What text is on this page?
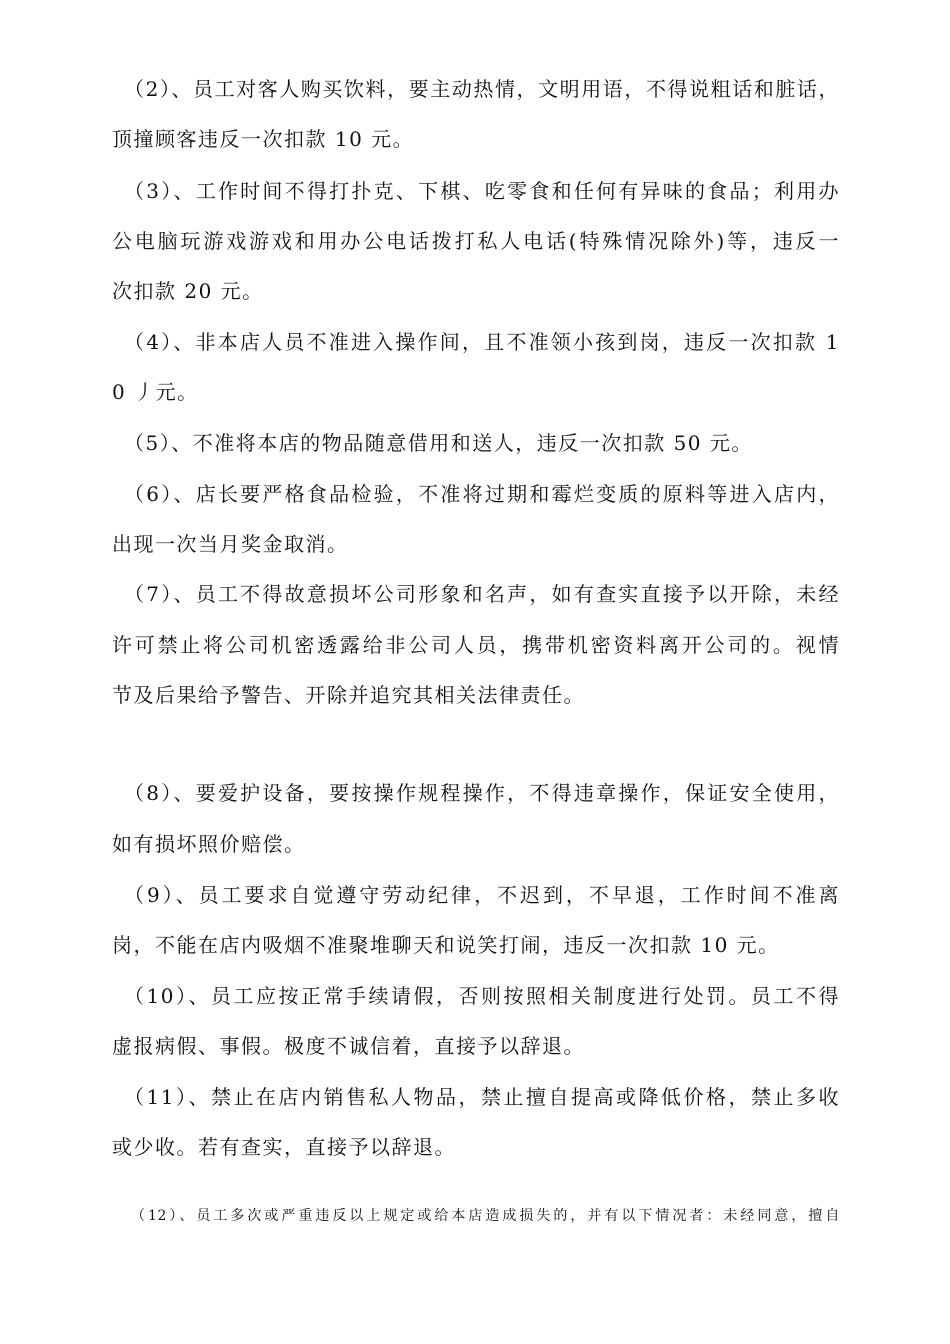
（2）、员工对客人购买饮料，要主动热情，文明用语，不得说粗话和脏话，
顶撞顾客违反一次扣款 10 元。
（3）、工作时间不得打扑克、下棋、吃零食和任何有异味的食品；利用办
公电脑玩游戏游戏和用办公电话拨打私人电话(特殊情况除外)等，违反一
次扣款 20 元。
（4）、非本店人员不准进入操作间，且不准领小孩到岗，违反一次扣款 1
0 丿元。
（5）、不准将本店的物品随意借用和送人，违反一次扣款 50 元。
（6）、店长要严格食品检验，不准将过期和霉烂变质的原料等进入店内，
出现一次当月奖金取消。
（7）、员工不得故意损坏公司形象和名声，如有查实直接予以开除，未经
许可禁止将公司机密透露给非公司人员，携带机密资料离开公司的。视情
节及后果给予警告、开除并追究其相关法律责任。
（8）、要爱护设备，要按操作规程操作，不得违章操作，保证安全使用，
如有损坏照价赔偿。
（9）、员工要求自觉遵守劳动纪律，不迟到，不早退，工作时间不准离
岗，不能在店内吸烟不准聚堆聊天和说笑打闹，违反一次扣款 10 元。
（10）、员工应按正常手续请假，否则按照相关制度进行处罚。员工不得
虚报病假、事假。极度不诚信着，直接予以辞退。
（11）、禁止在店内销售私人物品，禁止擅自提高或降低价格，禁止多收
或少收。若有查实，直接予以辞退。
（12）、员工多次或严重违反以上规定或给本店造成损失的，并有以下情况者：未经同意，擅自
